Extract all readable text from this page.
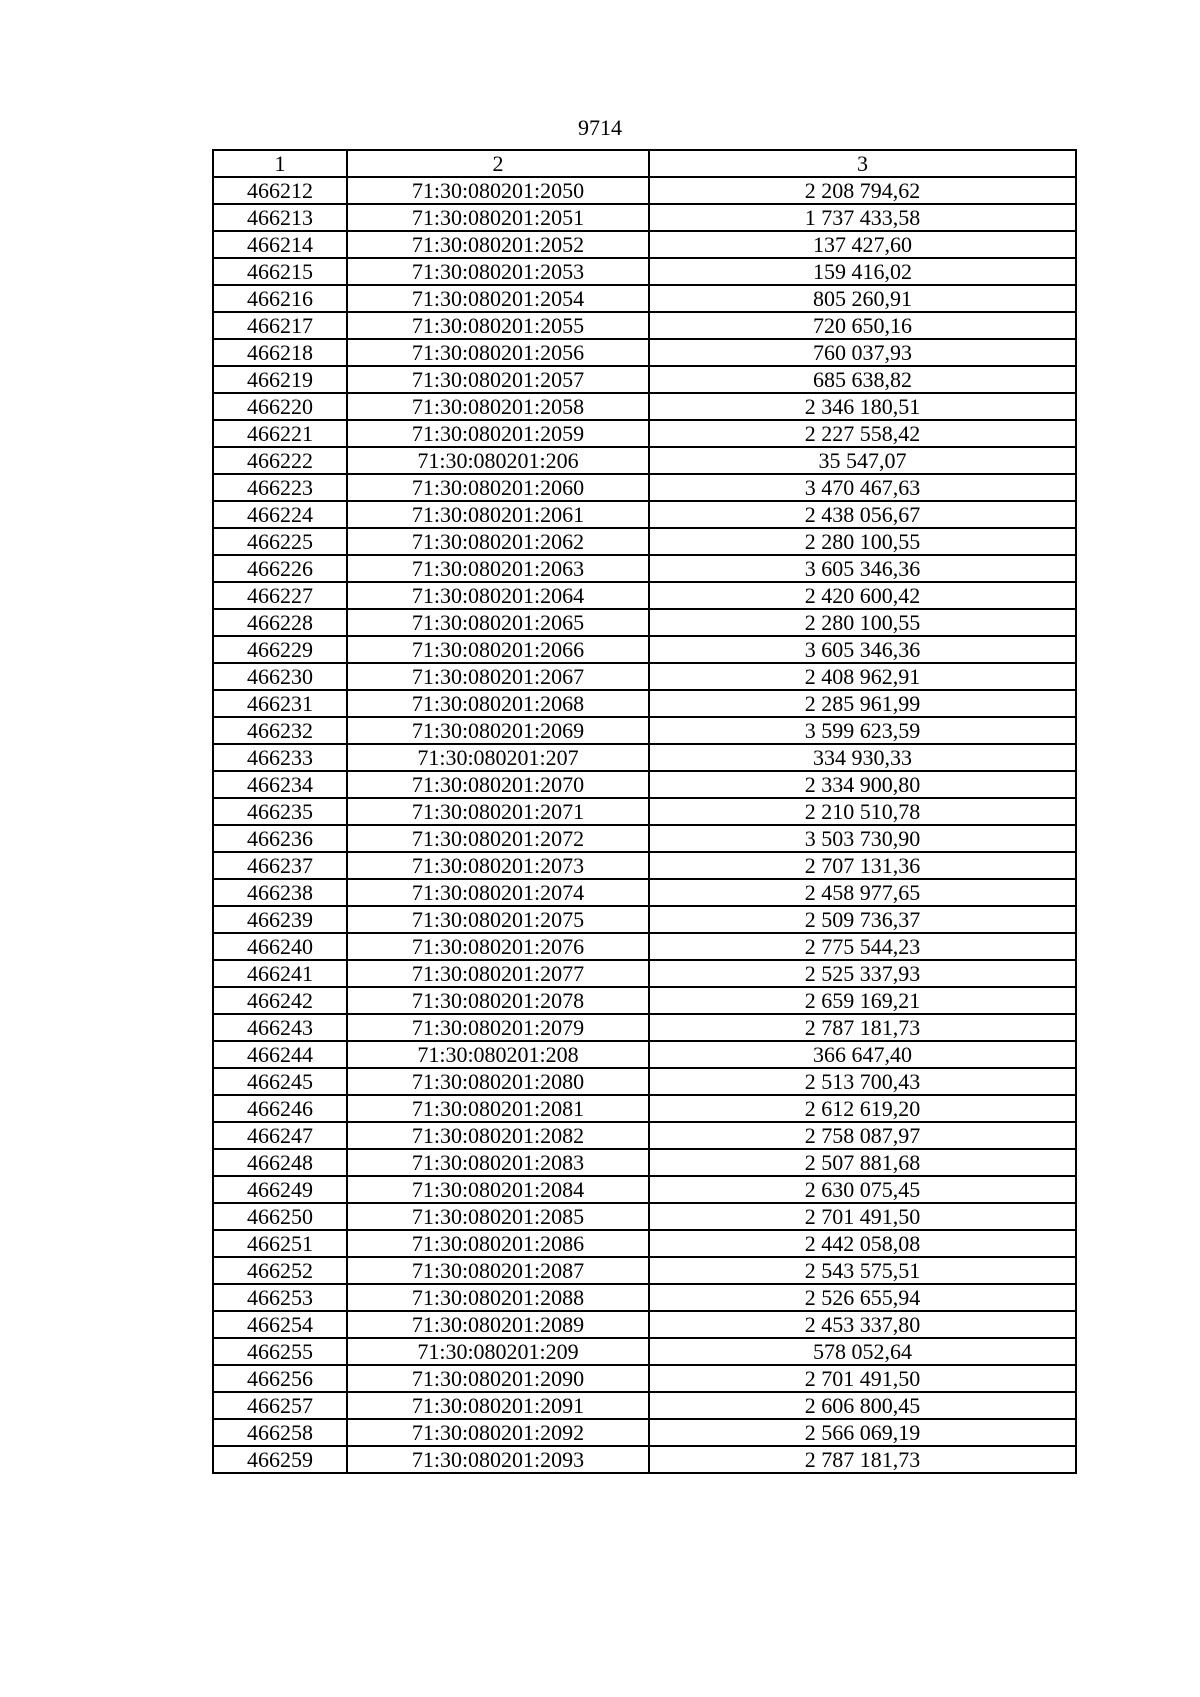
9714
1	2	3
466212	71:30:080201:2050	2 208 794,62
466213	71:30:080201:2051	1 737 433,58
466214	71:30:080201:2052	137 427,60
466215	71:30:080201:2053	159 416,02
466216	71:30:080201:2054	805 260,91
466217	71:30:080201:2055	720 650,16
466218	71:30:080201:2056	760 037,93
466219	71:30:080201:2057	685 638,82
466220	71:30:080201:2058	2 346 180,51
466221	71:30:080201:2059	2 227 558,42
466222	71:30:080201:206	35 547,07
466223	71:30:080201:2060	3 470 467,63
466224	71:30:080201:2061	2 438 056,67
466225	71:30:080201:2062	2 280 100,55
466226	71:30:080201:2063	3 605 346,36
466227	71:30:080201:2064	2 420 600,42
466228	71:30:080201:2065	2 280 100,55
466229	71:30:080201:2066	3 605 346,36
466230	71:30:080201:2067	2 408 962,91
466231	71:30:080201:2068	2 285 961,99
466232	71:30:080201:2069	3 599 623,59
466233	71:30:080201:207	334 930,33
466234	71:30:080201:2070	2 334 900,80
466235	71:30:080201:2071	2 210 510,78
466236	71:30:080201:2072	3 503 730,90
466237	71:30:080201:2073	2 707 131,36
466238	71:30:080201:2074	2 458 977,65
466239	71:30:080201:2075	2 509 736,37
466240	71:30:080201:2076	2 775 544,23
466241	71:30:080201:2077	2 525 337,93
466242	71:30:080201:2078	2 659 169,21
466243	71:30:080201:2079	2 787 181,73
466244	71:30:080201:208	366 647,40
466245	71:30:080201:2080	2 513 700,43
466246	71:30:080201:2081	2 612 619,20
466247	71:30:080201:2082	2 758 087,97
466248	71:30:080201:2083	2 507 881,68
466249	71:30:080201:2084	2 630 075,45
466250	71:30:080201:2085	2 701 491,50
466251	71:30:080201:2086	2 442 058,08
466252	71:30:080201:2087	2 543 575,51
466253	71:30:080201:2088	2 526 655,94
466254	71:30:080201:2089	2 453 337,80
466255	71:30:080201:209	578 052,64
466256	71:30:080201:2090	2 701 491,50
466257	71:30:080201:2091	2 606 800,45
466258	71:30:080201:2092	2 566 069,19
466259	71:30:080201:2093	2 787 181,73
